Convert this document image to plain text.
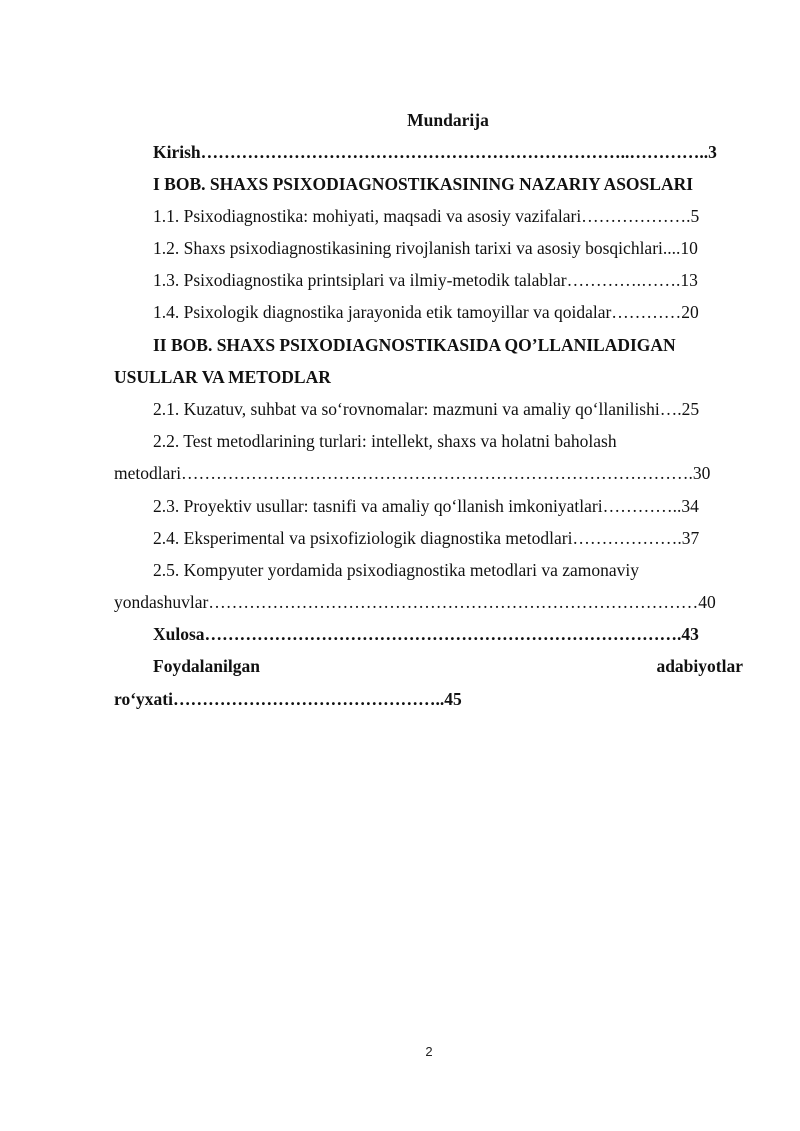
Mundarija
Kirish………………………………………………………………..…………..3
I BOB. SHAXS PSIXODIAGNOSTIKASINING NAZARIY ASOSLARI
1.1. Psixodiagnostika: mohiyati, maqsadi va asosiy vazifalari……………….5
1.2. Shaxs psixodiagnostikasining rivojlanish tarixi va asosiy bosqichlari....10
1.3. Psixodiagnostika printsiplari va ilmiy-metodik talablar………….…….13
1.4. Psixologik diagnostika jarayonida etik tamoyillar va qoidalar…………20
II BOB. SHAXS PSIXODIAGNOSTIKASIDA QO’LLANILADIGAN
USULLAR VA METODLAR
2.1. Kuzatuv, suhbat va so‘rovnomalar: mazmuni va amaliy qo‘llanilishi….25
2.2. Test metodlarining turlari: intellekt, shaxs va holatni baholash
metodlari…………………………………………………………………………….30
2.3. Proyektiv usullar: tasnifi va amaliy qo‘llanish imkoniyatlari…………..34
2.4. Eksperimental va psixofiziologik diagnostika metodlari……………….37
2.5. Kompyuter yordamida psixodiagnostika metodlari va zamonaviy
yondashuvlar…………………………………………………………………………40
Xulosa……………………………………………………………………….43
Foydalanilgan	adabiyotlar
ro‘yxati………………………………………..45
2
